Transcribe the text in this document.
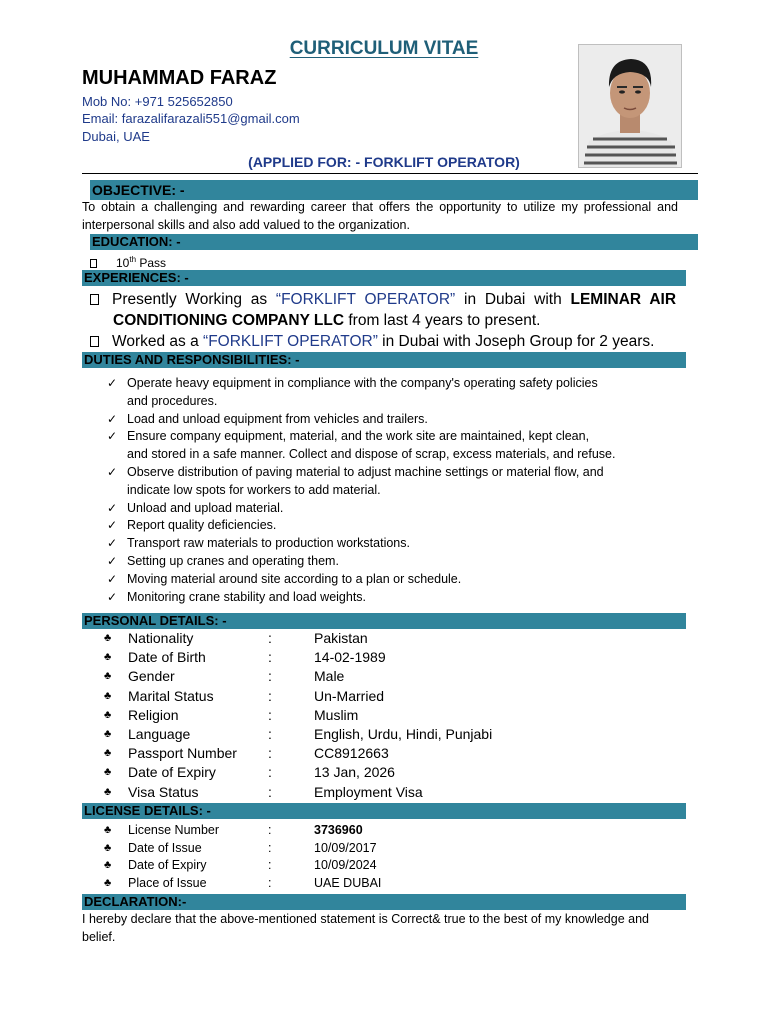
CURRICULUM VITAE
MUHAMMAD FARAZ
Mob No: +971 525652850
Email: farazalifarazali551@gmail.com
Dubai, UAE
(APPLIED FOR: - FORKLIFT OPERATOR)
OBJECTIVE: -
To obtain a challenging and rewarding career that offers the opportunity to utilize my professional and interpersonal skills and also add valued to the organization.
EDUCATION: -
10th Pass
EXPERIENCES: -
Presently Working as “FORKLIFT OPERATOR” in Dubai with LEMINAR AIR
CONDITIONING COMPANY LLC from last 4 years to present.
Worked as a “FORKLIFT OPERATOR” in Dubai with Joseph Group for 2 years.
DUTIES AND RESPONSIBILITIES: -
✓ Operate heavy equipment in compliance with the company's operating safety policies
and procedures.
✓ Load and unload equipment from vehicles and trailers.
✓ Ensure company equipment, material, and the work site are maintained, kept clean,
and stored in a safe manner. Collect and dispose of scrap, excess materials, and refuse.
✓ Observe distribution of paving material to adjust machine settings or material flow, and
indicate low spots for workers to add material.
✓ Unload and upload material.
✓ Report quality deficiencies.
✓ Transport raw materials to production workstations.
✓ Setting up cranes and operating them.
✓ Moving material around site according to a plan or schedule.
✓ Monitoring crane stability and load weights.
PERSONAL DETAILS: -
♣ Nationality	:	Pakistan
♣ Date of Birth	:	14-02-1989
♣ Gender	:	Male
♣ Marital Status	:	Un-Married
♣ Religion	:	Muslim
♣ Language	:	English, Urdu, Hindi, Punjabi
♣ Passport Number :	CC8912663
♣ Date of Expiry	:	13 Jan, 2026
♣ Visa Status	:	Employment Visa
LICENSE DETAILS: -
♣ License Number	:	3736960
♣ Date of Issue	:	10/09/2017
♣ Date of Expiry	:	10/09/2024
♣ Place of Issue	:	UAE DUBAI
DECLARATION:-
I hereby declare that the above-mentioned statement is Correct& true to the best of my knowledge and
belief.
